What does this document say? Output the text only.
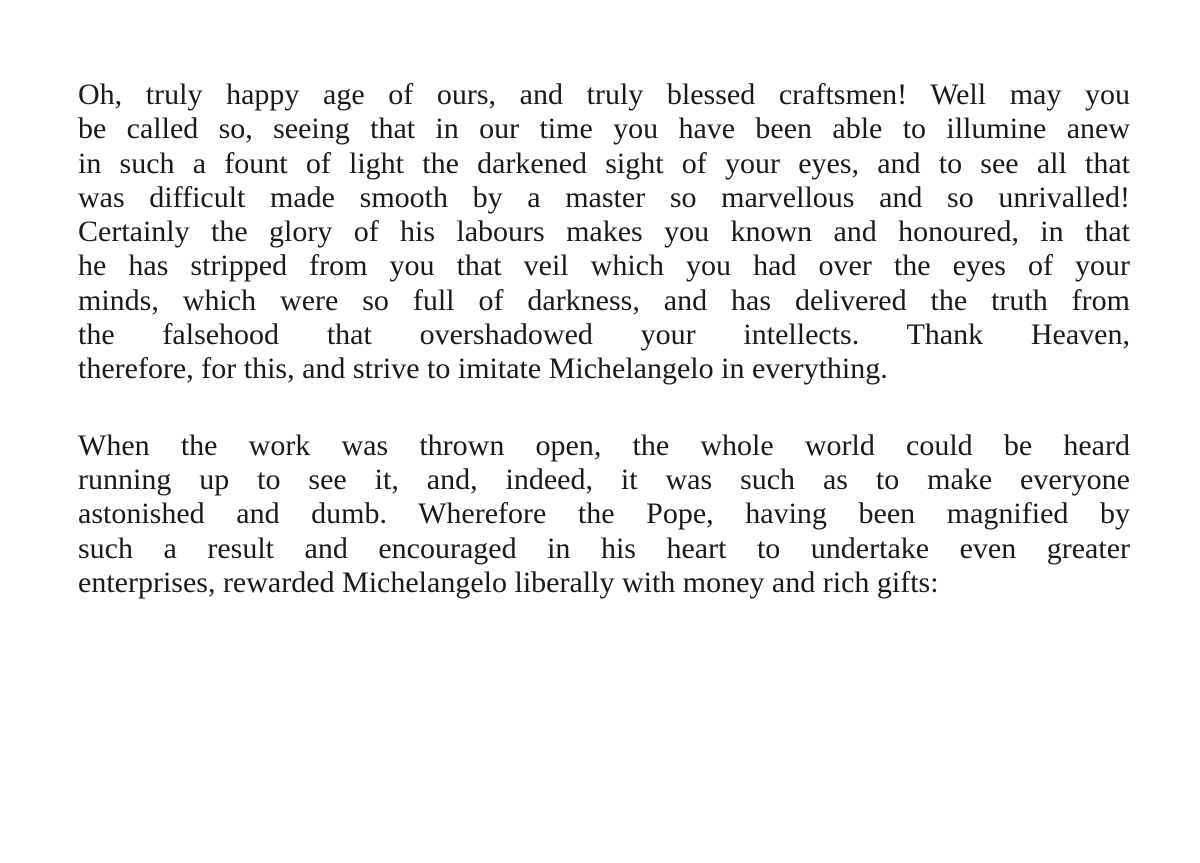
Oh, truly happy age of ours, and truly blessed craftsmen! Well may you
be called so, seeing that in our time you have been able to illumine anew
in such a fount of light the darkened sight of your eyes, and to see all that
was difficult made smooth by a master so marvellous and so unrivalled!
Certainly the glory of his labours makes you known and honoured, in that
he has stripped from you that veil which you had over the eyes of your
minds, which were so full of darkness, and has delivered the truth from
the falsehood that overshadowed your intellects. Thank Heaven,
therefore, for this, and strive to imitate Michelangelo in everything.

When the work was thrown open, the whole world could be heard
running up to see it, and, indeed, it was such as to make everyone
astonished and dumb. Wherefore the Pope, having been magnified by
such a result and encouraged in his heart to undertake even greater
enterprises, rewarded Michelangelo liberally with money and rich gifts:
